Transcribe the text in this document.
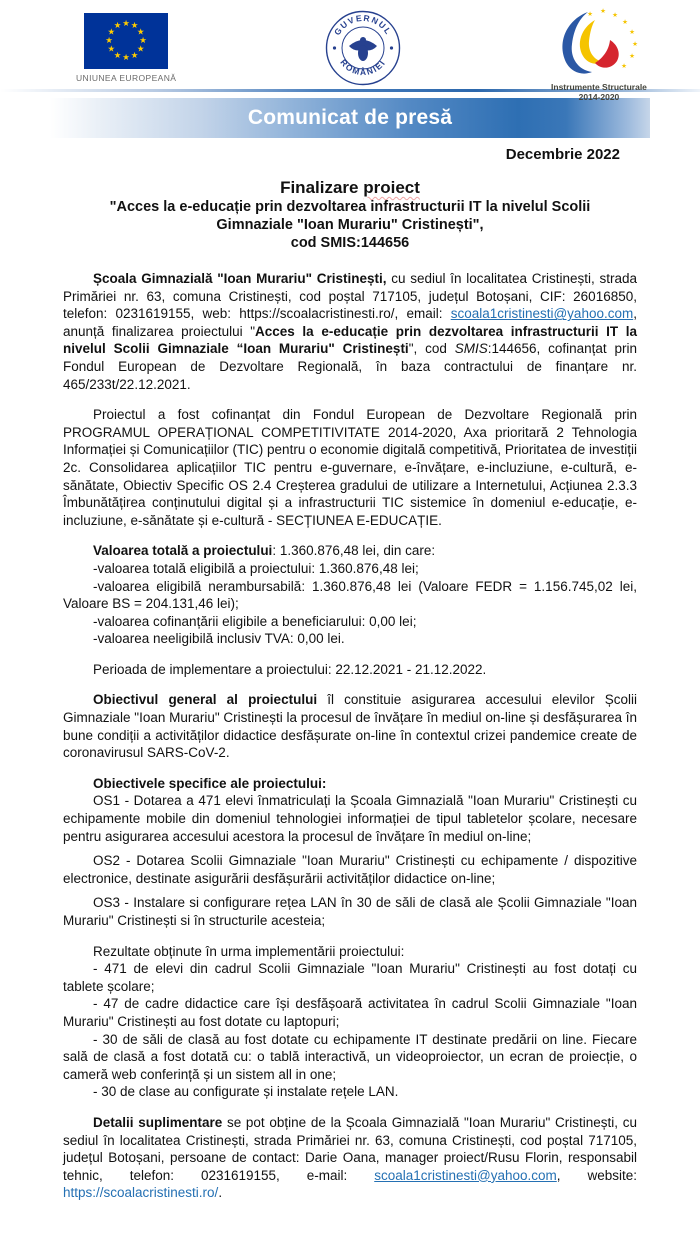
★ ★
★
★
★
★
★
★
★
★
★
★
UNIUNEA EUROPEANĂ
GUVERNUL
ROMÂNIEI
★ ★ ★
★
★
★
★
★
Instrumente Structurale
2014-2020
Comunicat de presă
Decembrie 2022
Finalizare proiect
"Acces la e-educație prin dezvoltarea infrastructurii IT la nivelul Scolii
Gimnaziale "Ioan Murariu" Cristinești",
cod SMIS:144656

Școala Gimnazială "Ioan Murariu" Cristinești, cu sediul în localitatea Cristinești, strada Primăriei nr. 63, comuna Cristinești, cod poștal 717105, județul Botoșani, CIF: 26016850, telefon: 0231619155, web: https://scoalacristinesti.ro/, email: scoala1cristinesti@yahoo.com, anunță finalizarea proiectului "Acces la e-educație prin dezvoltarea infrastructurii IT la nivelul Scolii Gimnaziale “Ioan Murariu" Cristinești", cod SMIS:144656, cofinanțat prin Fondul European de Dezvoltare Regională, în baza contractului de finanțare nr. 465/233t/22.12.2021.

Proiectul a fost cofinanțat din Fondul European de Dezvoltare Regională prin PROGRAMUL OPERAȚIONAL COMPETITIVITATE 2014-2020, Axa prioritară 2 Tehnologia Informației și Comunicațiilor (TIC) pentru o economie digitală competitivă, Prioritatea de investiții 2c. Consolidarea aplicațiilor TIC pentru e-guvernare, e-învățare, e-incluziune, e-cultură, e-sănătate, Obiectiv Specific OS 2.4 Creșterea gradului de utilizare a Internetului, Acțiunea 2.3.3 Îmbunătățirea conținutului digital și a infrastructurii TIC sistemice în domeniul e-educație, e-incluziune, e-sănătate și e-cultură - SECȚIUNEA E-EDUCAȚIE.

Valoarea totală a proiectului: 1.360.876,48 lei, din care:

-valoarea totală eligibilă a proiectului: 1.360.876,48 lei;

-valoarea eligibilă nerambursabilă: 1.360.876,48 lei (Valoare FEDR = 1.156.745,02 lei, Valoare BS = 204.131,46 lei);

-valoarea cofinanțării eligibile a beneficiarului: 0,00 lei;

-valoarea neeligibilă inclusiv TVA: 0,00 lei.

Perioada de implementare a proiectului: 22.12.2021 - 21.12.2022.

Obiectivul general al proiectului îl constituie asigurarea accesului elevilor Școlii Gimnaziale "Ioan Murariu" Cristinești la procesul de învățare în mediul on-line și desfășurarea în bune condiții a activităților didactice desfășurate on-line în contextul crizei pandemice create de coronavirusul SARS-CoV-2.

Obiectivele specifice ale proiectului:

OS1 - Dotarea a 471 elevi înmatriculați la Școala Gimnazială "Ioan Murariu" Cristinești cu echipamente mobile din domeniul tehnologiei informației de tipul tabletelor școlare, necesare pentru asigurarea accesului acestora la procesul de învățare în mediul on-line;

OS2 - Dotarea Scolii Gimnaziale "Ioan Murariu" Cristinești cu echipamente / dispozitive electronice, destinate asigurării desfășurării activităților didactice on-line;

OS3 - Instalare si configurare rețea LAN în 30 de săli de clasă ale Școlii Gimnaziale "Ioan Murariu" Cristinești si în structurile acesteia;

Rezultate obținute în urma implementării proiectului:

- 471 de elevi din cadrul Scolii Gimnaziale "Ioan Murariu" Cristinești au fost dotați cu tablete școlare;

- 47 de cadre didactice care își desfășoară activitatea în cadrul Scolii Gimnaziale "Ioan Murariu" Cristinești au fost dotate cu laptopuri;

- 30 de săli de clasă au fost dotate cu echipamente IT destinate predării on line. Fiecare sală de clasă a fost dotată cu: o tablă interactivă, un videoproiector, un ecran de proiecție, o cameră web conferință și un sistem all in one;

- 30 de clase au configurate și instalate rețele LAN.

Detalii suplimentare se pot obține de la Școala Gimnazială "Ioan Murariu" Cristinești, cu sediul în localitatea Cristinești, strada Primăriei nr. 63, comuna Cristinești, cod poștal 717105, județul Botoșani, persoane de contact: Darie Oana, manager proiect/Rusu Florin, responsabil tehnic, telefon: 0231619155, e-mail: scoala1cristinesti@yahoo.com, website: https://scoalacristinesti.ro/.
